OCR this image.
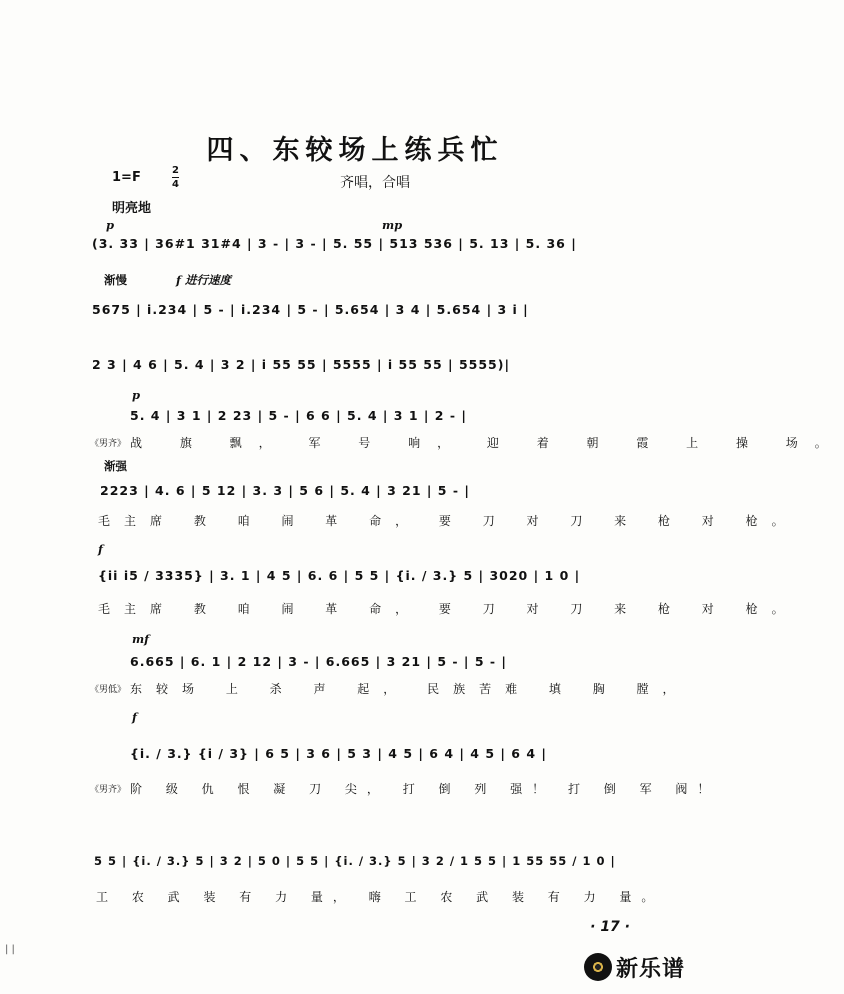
四、东较场上练兵忙
1=F	2
4	齐唱，合唱
明亮地
p	mp
(3. 33 | 36#1 31#4 | 3 - | 3 - | 5. 55 | 513 536 | 5. 13 | 5. 36 |
渐慢	f 进行速度
5675 | i.234 | 5 - | i.234 | 5 - | 5.654 | 3 4 | 5.654 | 3 i |
2 3 | 4 6 | 5. 4 | 3 2 | i 55 55 | 5555 | i 55 55 | 5555)|
p
5. 4 | 3 1 | 2 23 | 5 - | 6 6 | 5. 4 | 3 1 | 2 - |
《男齐》 战 旗 飘， 军 号 响， 迎 着 朝 霞 上 操 场。
渐强
2223 | 4. 6 | 5 12 | 3. 3 | 5 6 | 5. 4 | 3 21 | 5 - |
毛主席 教 咱 闹 革 命， 要 刀 对 刀 来 枪 对 枪。
f
{ii i5 / 3335} | 3. 1 | 4 5 | 6. 6 | 5 5 | {i. / 3.} 5 | 3020 | 1 0 |
毛主席 教 咱 闹 革 命， 要 刀 对 刀 来 枪 对 枪。
mf
6.665 | 6. 1 | 2 12 | 3 - | 6.665 | 3 21 | 5 - | 5 - |
《男低》 东较场 上 杀 声 起， 民族苦难 填 胸 膛，
f
{i. / 3.} {i / 3} | 6 5 | 3 6 | 5 3 | 4 5 | 6 4 | 4 5 | 6 4 |
《男齐》 阶 级 仇 恨 凝 刀 尖， 打 倒 列 强！ 打 倒 军 阀！
5 5 | {i. / 3.} 5 | 3 2 | 5 0 | 5 5 | {i. / 3.} 5 | 3 2 / 1 5 5 | 1 55 55 / 1 0 |
工 农 武 装 有 力 量， 嗨 工 农 武 装 有 力 量。
· 17 ·
| |
新乐谱
